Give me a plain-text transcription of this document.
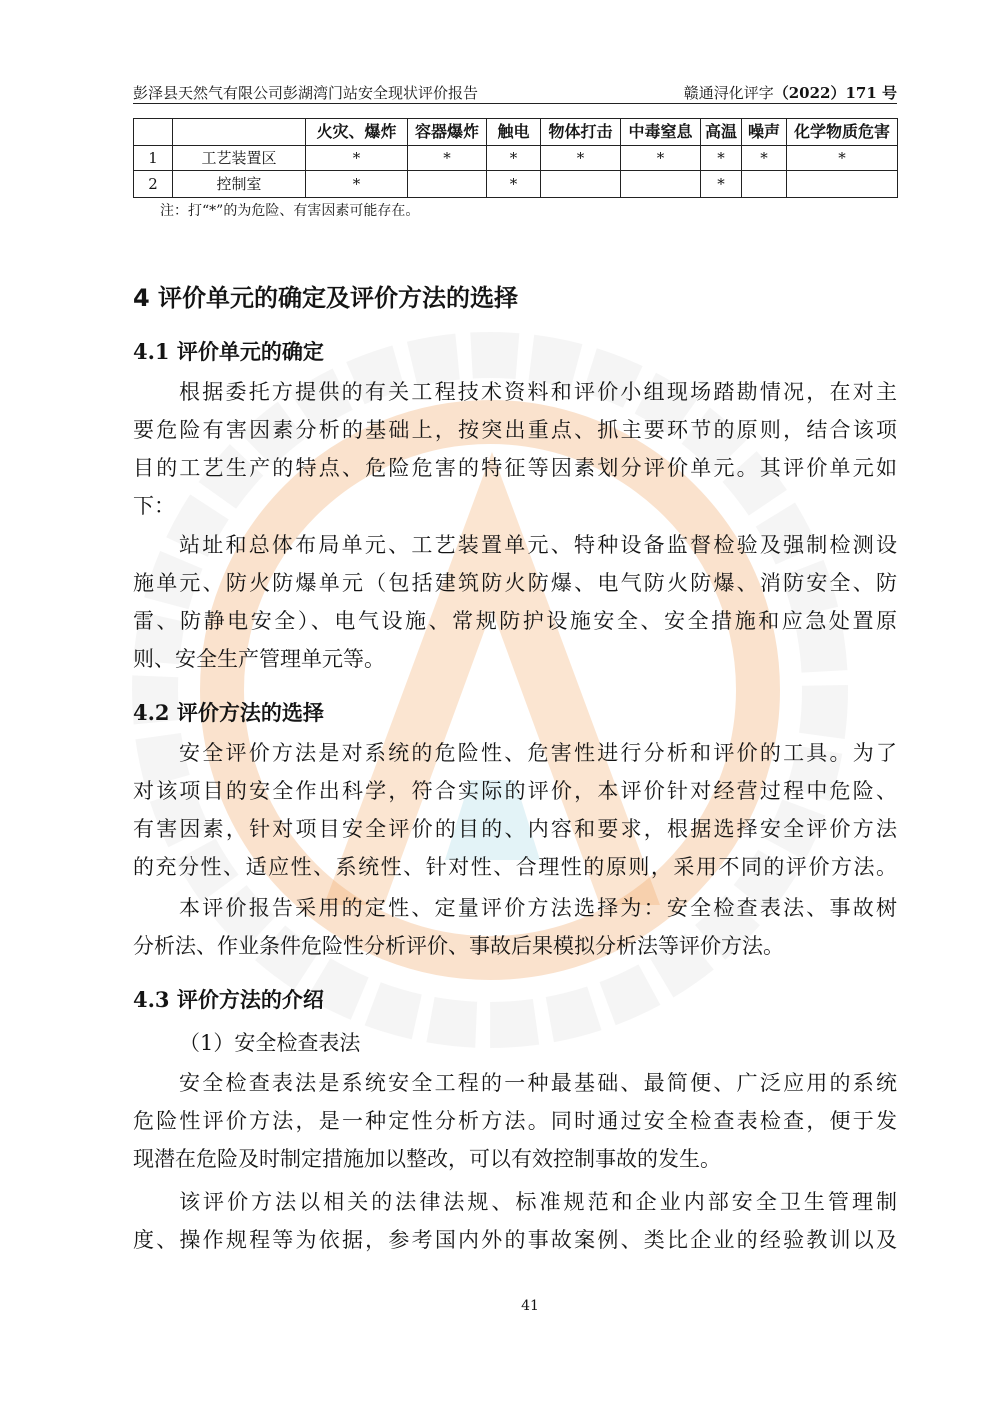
彭泽县天然气有限公司彭湖湾门站安全现状评价报告	赣通浔化评字（2022）171 号
		火灾、爆炸	容器爆炸	触电	物体打击	中毒窒息	高温	噪声	化学物质危害
1	工艺装置区	*	*	*	*	*	*	*	*
2	控制室	*		*			*		
注：打“*”的为危险、有害因素可能存在。
4 评价单元的确定及评价方法的选择
4.1 评价单元的确定
根据委托方提供的有关工程技术资料和评价小组现场踏勘情况，在对主
要危险有害因素分析的基础上，按突出重点、抓主要环节的原则，结合该项
目的工艺生产的特点、危险危害的特征等因素划分评价单元。其评价单元如
下：
站址和总体布局单元、工艺装置单元、特种设备监督检验及强制检测设
施单元、防火防爆单元（包括建筑防火防爆、电气防火防爆、消防安全、防
雷、防静电安全）、电气设施、常规防护设施安全、安全措施和应急处置原
则、安全生产管理单元等。
4.2 评价方法的选择
安全评价方法是对系统的危险性、危害性进行分析和评价的工具。为了
对该项目的安全作出科学，符合实际的评价，本评价针对经营过程中危险、
有害因素，针对项目安全评价的目的、内容和要求，根据选择安全评价方法
的充分性、适应性、系统性、针对性、合理性的原则，采用不同的评价方法。
本评价报告采用的定性、定量评价方法选择为：安全检查表法、事故树
分析法、作业条件危险性分析评价、事故后果模拟分析法等评价方法。
4.3 评价方法的介绍
（1）安全检查表法
安全检查表法是系统安全工程的一种最基础、最简便、广泛应用的系统
危险性评价方法，是一种定性分析方法。同时通过安全检查表检查，便于发
现潜在危险及时制定措施加以整改，可以有效控制事故的发生。
该评价方法以相关的法律法规、标准规范和企业内部安全卫生管理制
度、操作规程等为依据，参考国内外的事故案例、类比企业的经验教训以及
41
